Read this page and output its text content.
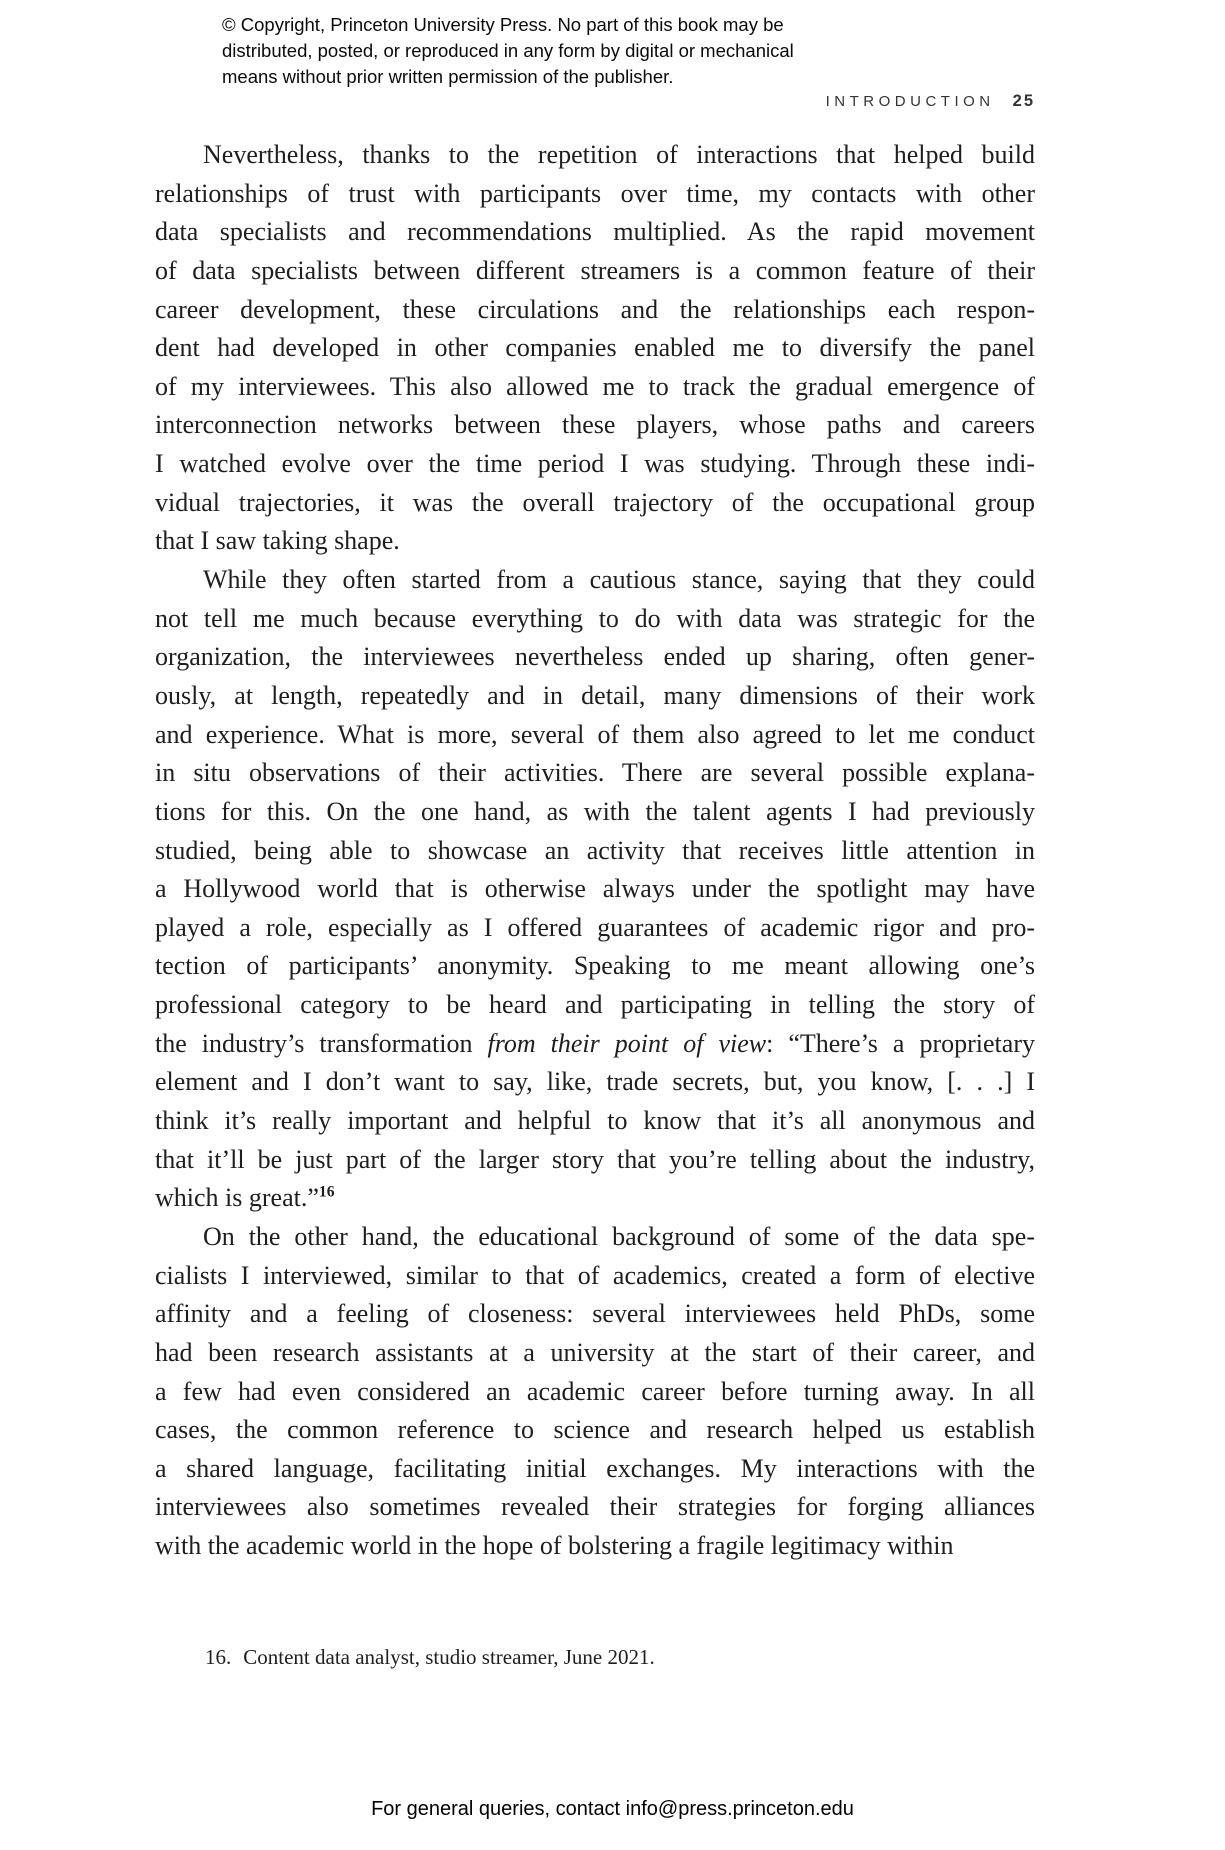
© Copyright, Princeton University Press. No part of this book may be
distributed, posted, or reproduced in any form by digital or mechanical
means without prior written permission of the publisher.
INTRODUCTION 25
Nevertheless, thanks to the repetition of interactions that helped build
relationships of trust with participants over time, my contacts with other
data specialists and recommendations multiplied. As the rapid movement
of data specialists between different streamers is a common feature of their
career development, these circulations and the relationships each respon-
dent had developed in other companies enabled me to diversify the panel
of my interviewees. This also allowed me to track the gradual emergence of
interconnection networks between these players, whose paths and careers
I watched evolve over the time period I was studying. Through these indi-
vidual trajectories, it was the overall trajectory of the occupational group
that I saw taking shape.
While they often started from a cautious stance, saying that they could
not tell me much because everything to do with data was strategic for the
organization, the interviewees nevertheless ended up sharing, often gener-
ously, at length, repeatedly and in detail, many dimensions of their work
and experience. What is more, several of them also agreed to let me conduct
in situ observations of their activities. There are several possible explana-
tions for this. On the one hand, as with the talent agents I had previously
studied, being able to showcase an activity that receives little attention in
a Hollywood world that is otherwise always under the spotlight may have
played a role, especially as I offered guarantees of academic rigor and pro-
tection of participants’ anonymity. Speaking to me meant allowing one’s
professional category to be heard and participating in telling the story of
the industry’s transformation from their point of view: “There’s a proprietary
element and I don’t want to say, like, trade secrets, but, you know, [. . .] I
think it’s really important and helpful to know that it’s all anonymous and
that it’ll be just part of the larger story that you’re telling about the industry,
which is great.”$^{16}$
On the other hand, the educational background of some of the data spe-
cialists I interviewed, similar to that of academics, created a form of elective
affinity and a feeling of closeness: several interviewees held PhDs, some
had been research assistants at a university at the start of their career, and
a few had even considered an academic career before turning away. In all
cases, the common reference to science and research helped us establish
a shared language, facilitating initial exchanges. My interactions with the
interviewees also sometimes revealed their strategies for forging alliances
with the academic world in the hope of bolstering a fragile legitimacy within
16. Content data analyst, studio streamer, June 2021.
For general queries, contact info@press.princeton.edu
